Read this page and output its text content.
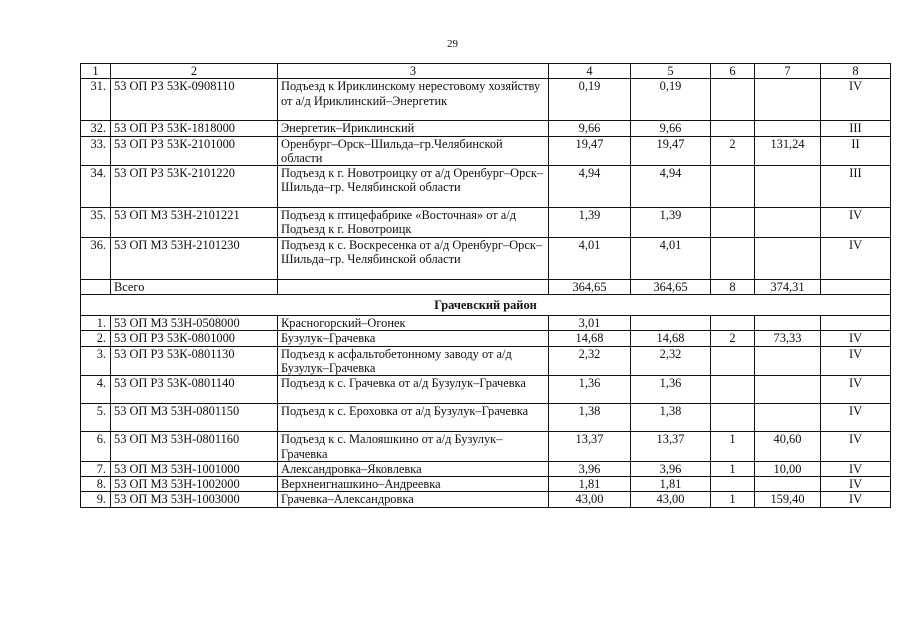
29
1	2	3	4	5	6	7	8
31.	53 ОП РЗ 53К-0908110	Подъезд к Ириклинскому нерестовому хозяйству от а/д Ириклинский–Энергетик	0,19	0,19			IV
32.	53 ОП РЗ 53К-1818000	Энергетик–Ириклинский	9,66	9,66			III
33.	53 ОП РЗ 53К-2101000	Оренбург–Орск–Шильда–гр.Челябинской области	19,47	19,47	2	131,24	II
34.	53 ОП РЗ 53К-2101220	Подъезд к г. Новотроицку от а/д Оренбург–Орск–Шильда–гр. Челябинской области	4,94	4,94			III
35.	53 ОП МЗ 53Н-2101221	Подъезд к птицефабрике «Восточная» от а/д Подъезд к г. Новотроицк	1,39	1,39			IV
36.	53 ОП МЗ 53Н-2101230	Подъезд к с. Воскресенка от а/д Оренбург–Орск–Шильда–гр. Челябинской области	4,01	4,01			IV
	Всего		364,65	364,65	8	374,31	
Грачевский район							
1.	53 ОП МЗ 53Н-0508000	Красногорский–Огонек	3,01				
2.	53 ОП РЗ 53К-0801000	Бузулук–Грачевка	14,68	14,68	2	73,33	IV
3.	53 ОП РЗ 53К-0801130	Подъезд к асфальтобетонному заводу от а/д Бузулук–Грачевка	2,32	2,32			IV
4.	53 ОП РЗ 53К-0801140	Подъезд к с. Грачевка от а/д Бузулук–Грачевка	1,36	1,36			IV
5.	53 ОП МЗ 53Н-0801150	Подъезд к с. Ероховка от а/д Бузулук–Грачевка	1,38	1,38			IV
6.	53 ОП МЗ 53Н-0801160	Подъезд к с. Малояшкино от а/д Бузулук–Грачевка	13,37	13,37	1	40,60	IV
7.	53 ОП МЗ 53Н-1001000	Александровка–Яковлевка	3,96	3,96	1	10,00	IV
8.	53 ОП МЗ 53Н-1002000	Верхнеигнашкино–Андреевка	1,81	1,81			IV
9.	53 ОП МЗ 53Н-1003000	Грачевка–Александровка	43,00	43,00	1	159,40	IV
